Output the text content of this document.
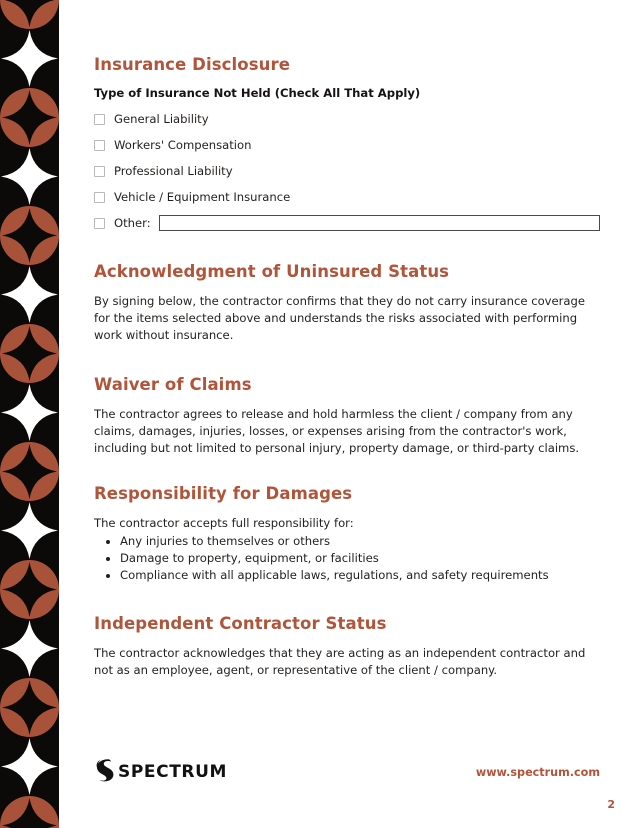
Insurance Disclosure

Type of Insurance Not Held (Check All That Apply)

General Liability
Workers' Compensation
Professional Liability
Vehicle / Equipment Insurance
Other:
Acknowledgment of Uninsured Status

By signing below, the contractor confirms that they do not carry insurance coverage for the items selected above and understands the risks associated with performing work without insurance.

Waiver of Claims

The contractor agrees to release and hold harmless the client / company from any claims, damages, injuries, losses, or expenses arising from the contractor's work, including but not limited to personal injury, property damage, or third-party claims.

Responsibility for Damages

The contractor accepts full responsibility for:

• Any injuries to themselves or others
• Damage to property, equipment, or facilities
• Compliance with all applicable laws, regulations, and safety requirements
Independent Contractor Status

The contractor acknowledges that they are acting as an independent contractor and not as an employee, agent, or representative of the client / company.

SPECTRUM	www.spectrum.com
2
